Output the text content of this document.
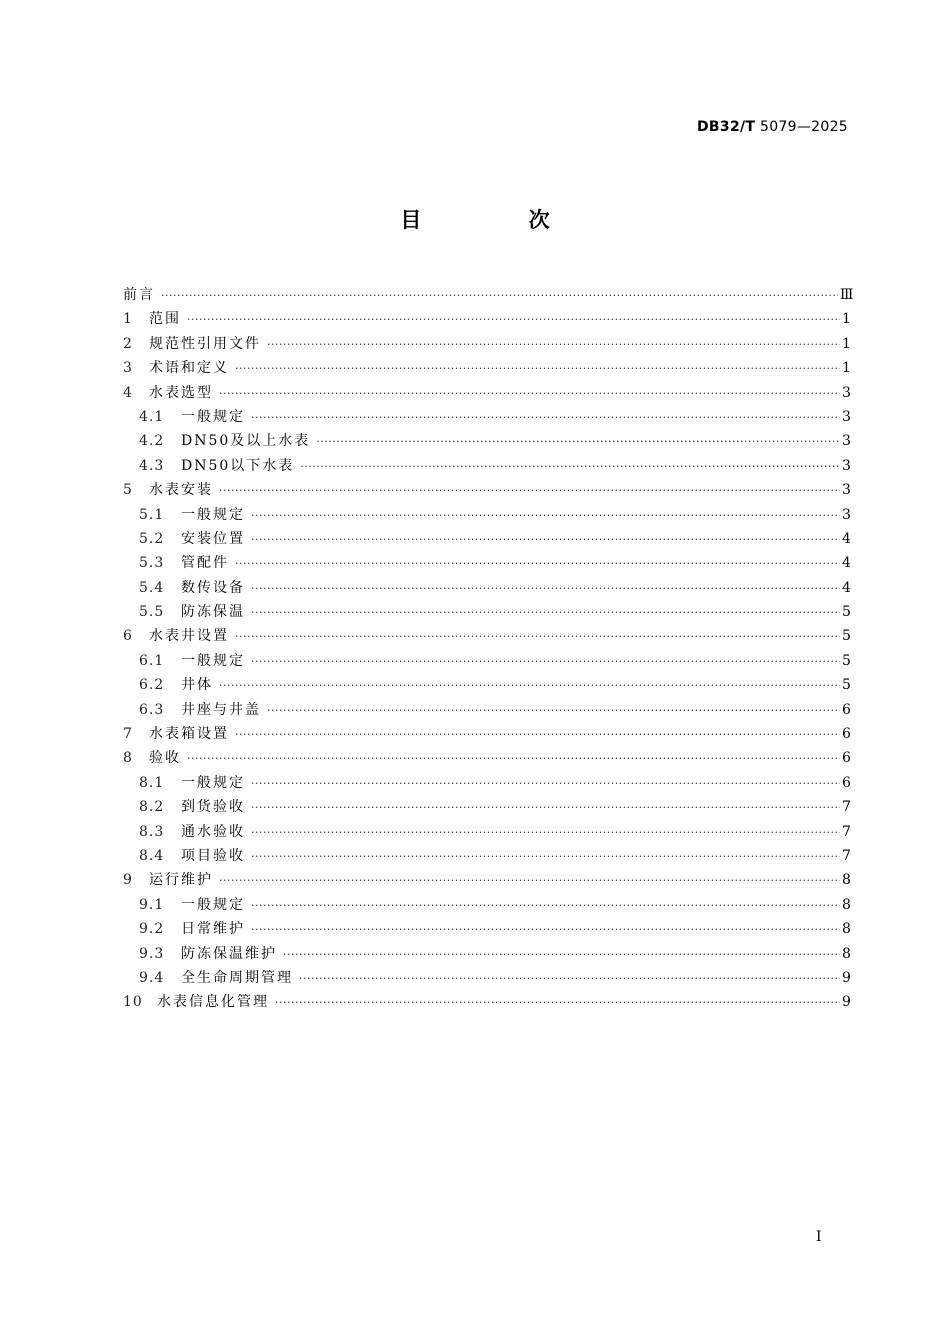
DB32/T 5079—2025
目 次
前言 ·····	Ⅲ
1	范围 ·····	1
2	规范性引用文件 ·····	1
3	术语和定义 ·····	1
4	水表选型 ·····	3
4.1	一般规定 ·····	3
4.2	DN50及以上水表 ·····	3
4.3	DN50以下水表 ·····	3
5	水表安装 ·····	3
5.1	一般规定 ·····	3
5.2	安装位置 ·····	4
5.3	管配件 ·····	4
5.4	数传设备 ·····	4
5.5	防冻保温 ·····	5
6	水表井设置 ·····	5
6.1	一般规定 ·····	5
6.2	井体 ·····	5
6.3	井座与井盖 ·····	6
7	水表箱设置 ·····	6
8	验收 ·····	6
8.1	一般规定 ·····	6
8.2	到货验收 ·····	7
8.3	通水验收 ·····	7
8.4	项目验收 ·····	7
9	运行维护 ·····	8
9.1	一般规定 ·····	8
9.2	日常维护 ·····	8
9.3	防冻保温维护 ·····	8
9.4	全生命周期管理 ·····	9
10	水表信息化管理 ·····	9
I
